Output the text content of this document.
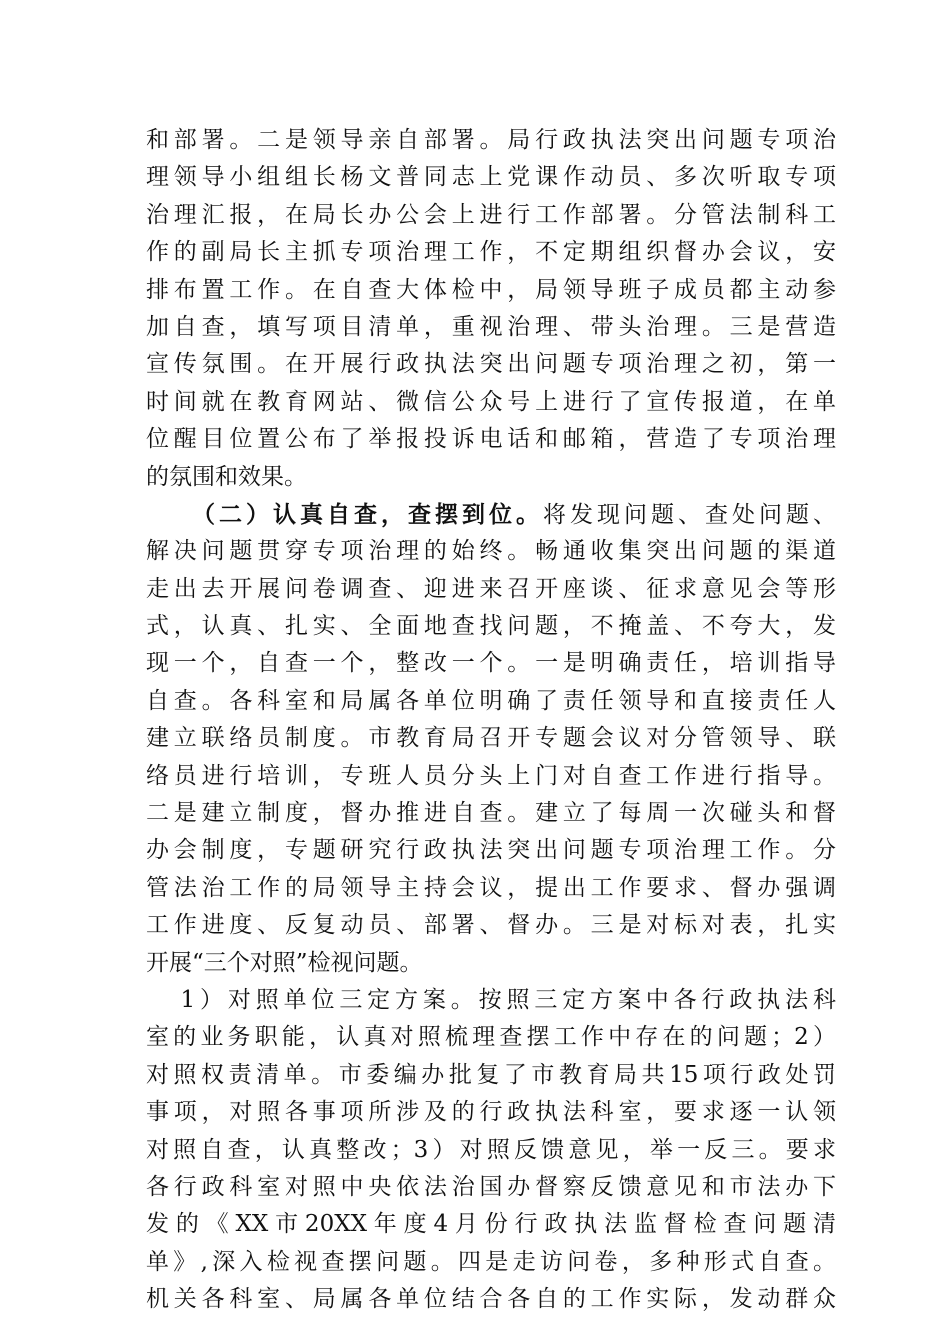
和部署。二是领导亲自部署。局行政执法突出问题专项治
理领导小组组长杨文普同志上党课作动员、多次听取专项
治理汇报，在局长办公会上进行工作部署。分管法制科工
作的副局长主抓专项治理工作，不定期组织督办会议，安
排布置工作。在自查大体检中，局领导班子成员都主动参
加自查，填写项目清单，重视治理、带头治理。三是营造
宣传氛围。在开展行政执法突出问题专项治理之初，第一
时间就在教育网站、微信公众号上进行了宣传报道，在单
位醒目位置公布了举报投诉电话和邮箱，营造了专项治理
的氛围和效果。
（二）认真自查，查摆到位。将发现问题、查处问题、
解决问题贯穿专项治理的始终。畅通收集突出问题的渠道
走出去开展问卷调查、迎进来召开座谈、征求意见会等形
式，认真、扎实、全面地查找问题，不掩盖、不夸大，发
现一个，自查一个，整改一个。一是明确责任，培训指导
自查。各科室和局属各单位明确了责任领导和直接责任人
建立联络员制度。市教育局召开专题会议对分管领导、联
络员进行培训，专班人员分头上门对自查工作进行指导。
二是建立制度，督办推进自查。建立了每周一次碰头和督
办会制度，专题研究行政执法突出问题专项治理工作。分
管法治工作的局领导主持会议，提出工作要求、督办强调
工作进度、反复动员、部署、督办。三是对标对表，扎实
开展“三个对照”检视问题。
1）对照单位三定方案。按照三定方案中各行政执法科
室的业务职能，认真对照梳理查摆工作中存在的问题；2）
对照权责清单。市委编办批复了市教育局共15项行政处罚
事项，对照各事项所涉及的行政执法科室，要求逐一认领
对照自查，认真整改；3）对照反馈意见，举一反三。要求
各行政科室对照中央依法治国办督察反馈意见和市法办下
发的《XX市20XX年度4月份行政执法监督检查问题清
单》,深入检视查摆问题。四是走访问卷，多种形式自查。
机关各科室、局属各单位结合各自的工作实际，发动群众
